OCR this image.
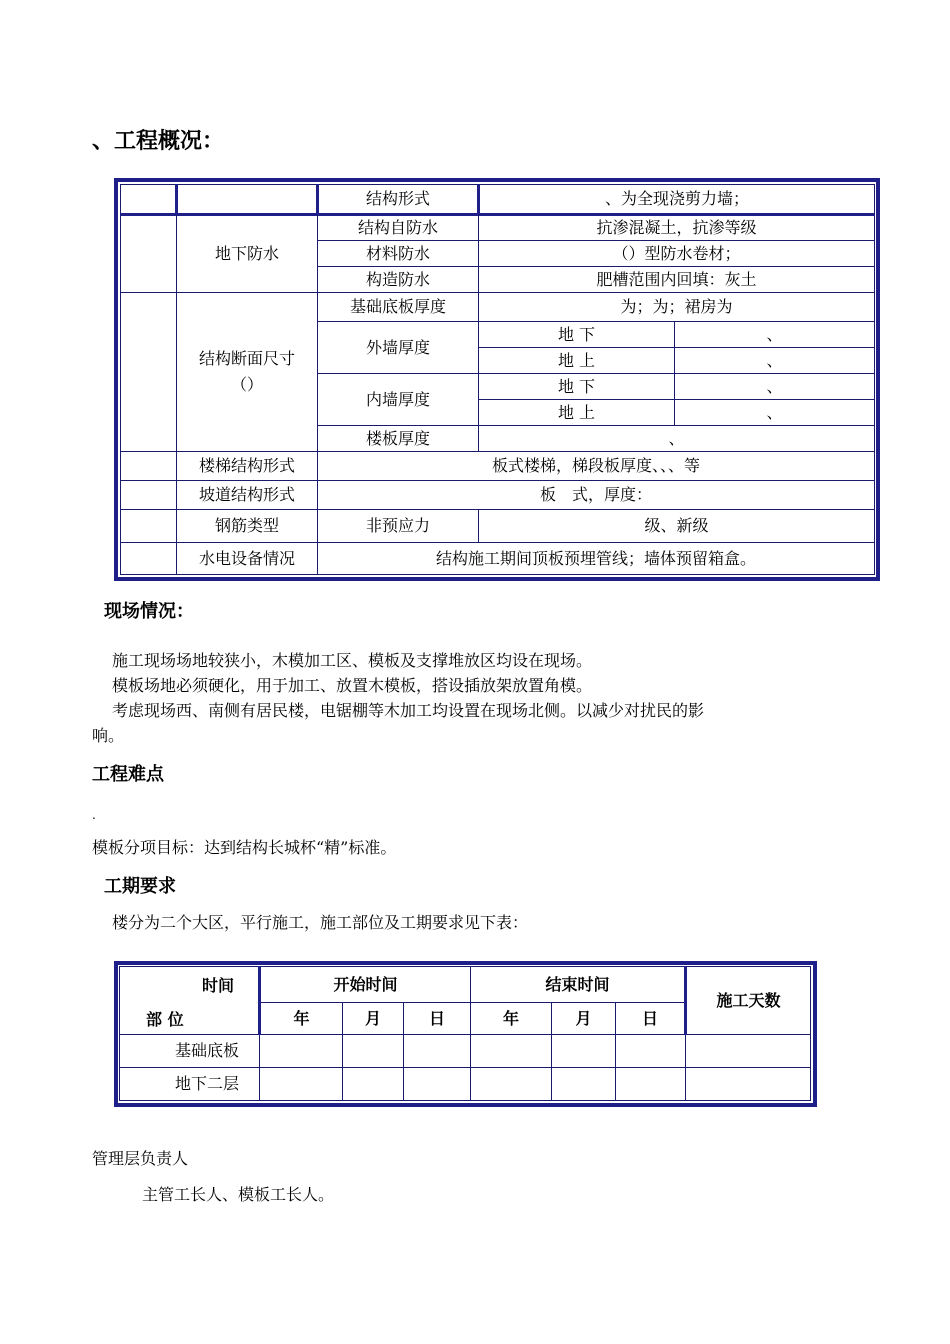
、工程概况：
		结构形式	、为全现浇剪力墙；	
	地下防水	结构自防水	抗渗混凝土，抗渗等级	
		材料防水	（）型防水卷材；	
		构造防水	肥槽范围内回填：灰土	
	结构断面尺寸（）	基础底板厚度	为；为；裙房为	
		外墙厚度	地 下	、
			地 上	、
		内墙厚度	地 下	、
			地 上	、
		楼板厚度	、	
	楼梯结构形式	板式楼梯，梯段板厚度、、、等		
	坡道结构形式	板　式，厚度：		
	钢筋类型	非预应力	级、新级	
	水电设备情况	结构施工期间顶板预埋管线；墙体预留箱盒。		
现场情况：
施工现场场地较狭小，木模加工区、模板及支撑堆放区均设在现场。
模板场地必须硬化，用于加工、放置木模板，搭设插放架放置角模。
考虑现场西、南侧有居民楼，电锯棚等木加工均设置在现场北侧。以减少对扰民的影
响。
工程难点
.
模板分项目标：达到结构长城杯“精”标准。
工期要求
楼分为二个大区，平行施工，施工部位及工期要求见下表：
时间
部 位	开始时间			结束时间			施工天数
	年	月	日	年	月	日	
基础底板							
地下二层							
管理层负责人
主管工长人、模板工长人。
